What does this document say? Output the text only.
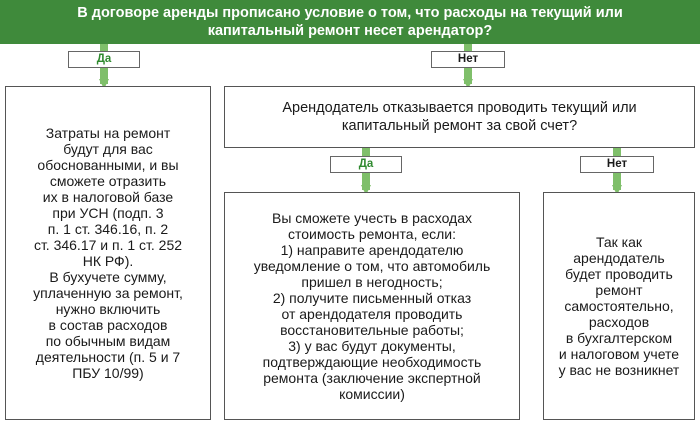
В договоре аренды прописано условие о том, что расходы на текущий или
капитальный ремонт несет арендатор?
Да	Нет
Затраты на ремонт
будут для вас
обоснованными, и вы
сможете отразить
их в налоговой базе
при УСН (подп. 3
п. 1 ст. 346.16, п. 2
ст. 346.17 и п. 1 ст. 252
НК РФ).
В бухучете сумму,
уплаченную за ремонт,
нужно включить
в состав расходов
по обычным видам
деятельности (п. 5 и 7
ПБУ 10/99)
Арендодатель отказывается проводить текущий или
капитальный ремонт за свой счет?
Да	Нет
Вы сможете учесть в расходах
стоимость ремонта, если:
1) направите арендодателю
уведомление о том, что автомобиль
пришел в негодность;
2) получите письменный отказ
от арендодателя проводить
восстановительные работы;
3) у вас будут документы,
подтверждающие необходимость
ремонта (заключение экспертной
комиссии)
Так как
арендодатель
будет проводить
ремонт
самостоятельно,
расходов
в бухгалтерском
и налоговом учете
у вас не возникнет
